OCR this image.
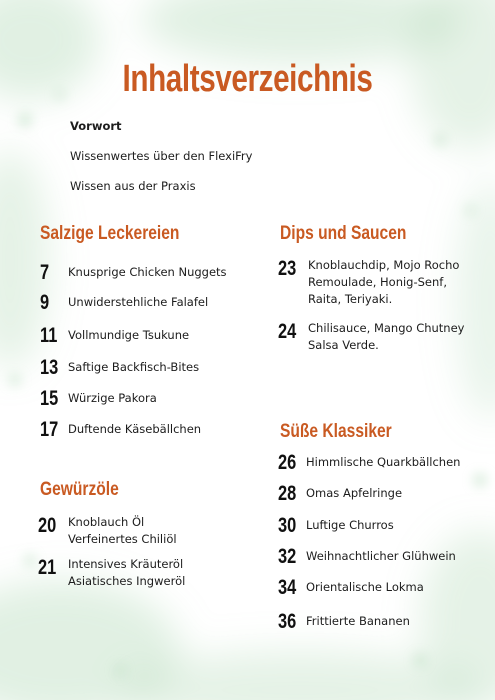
Inhaltsverzeichnis
Vorwort
Wissenwertes über den FlexiFry
Wissen aus der Praxis
Salzige Leckereien
7	Knusprige Chicken Nuggets
9	Unwiderstehliche Falafel
11 Vollmundige Tsukune
13 Saftige Backfisch-Bites
15 Würzige Pakora
17 Duftende Käsebällchen
Gewürzöle
20	Knoblauch Öl
Verfeinertes Chiliöl
21	Intensives Kräuteröl
Asiatisches Ingweröl
Dips und Saucen
23	Knoblauchdip, Mojo Rocho
Remoulade, Honig-Senf,
Raita, Teriyaki.
24	Chilisauce, Mango Chutney
Salsa Verde.
Süße Klassiker
26 Himmlische Quarkbällchen
28 Omas Apfelringe
30 Luftige Churros
32 Weihnachtlicher Glühwein
34 Orientalische Lokma
36 Frittierte Bananen
